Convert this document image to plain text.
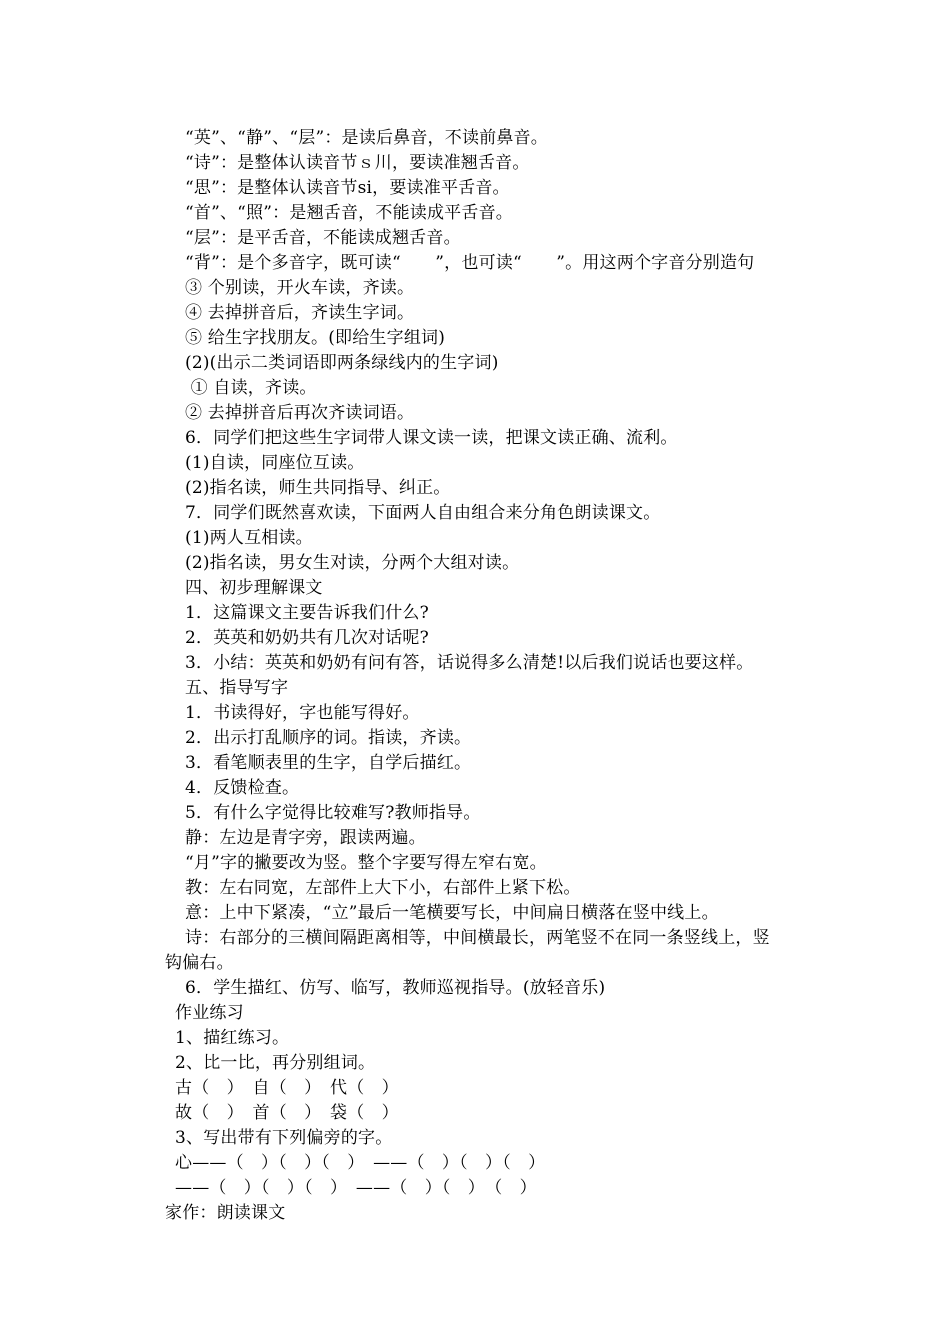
“英”、“静”、“层”：是读后鼻音，不读前鼻音。
“诗”：是整体认读音节ｓ川，要读准翘舌音。
“思”：是整体认读音节si，要读准平舌音。
“首”、“照”：是翘舌音，不能读成平舌音。
“层”：是平舌音，不能读成翘舌音。
“背”：是个多音字，既可读“　　”，也可读“　　”。用这两个字音分别造句
③ 个别读，开火车读，齐读。
④ 去掉拼音后，齐读生字词。
⑤ 给生字找朋友。(即给生字组词)
(2)(出示二类词语即两条绿线内的生字词)
① 自读，齐读。
② 去掉拼音后再次齐读词语。
6．同学们把这些生字词带人课文读一读，把课文读正确、流利。
(1)自读，同座位互读。
(2)指名读，师生共同指导、纠正。
7．同学们既然喜欢读，下面两人自由组合来分角色朗读课文。
(1)两人互相读。
(2)指名读，男女生对读，分两个大组对读。
四、初步理解课文
1．这篇课文主要告诉我们什么?
2．英英和奶奶共有几次对话呢?
3．小结：英英和奶奶有问有答，话说得多么清楚!以后我们说话也要这样。
五、指导写字
1．书读得好，字也能写得好。
2．出示打乱顺序的词。指读，齐读。
3．看笔顺表里的生字，自学后描红。
4．反馈检查。
5．有什么字觉得比较难写?教师指导。
静：左边是青字旁，跟读两遍。
“月”字的撇要改为竖。整个字要写得左窄右宽。
教：左右同宽，左部件上大下小，右部件上紧下松。
意：上中下紧凑，“立”最后一笔横要写长，中间扁日横落在竖中线上。
诗：右部分的三横间隔距离相等，中间横最长，两笔竖不在同一条竖线上，竖
钩偏右。
6．学生描红、仿写、临写，教师巡视指导。(放轻音乐)
作业练习
1、描红练习。
2、比一比，再分别组词。
古（　）　自（　）　代（　）
故（　）　首（　）　袋（　）
3、写出带有下列偏旁的字。
心——（　）（　）（　）　——（　）（　）（　）
——（　）（　）（　）　——（　）（　）　（　）
家作：朗读课文
